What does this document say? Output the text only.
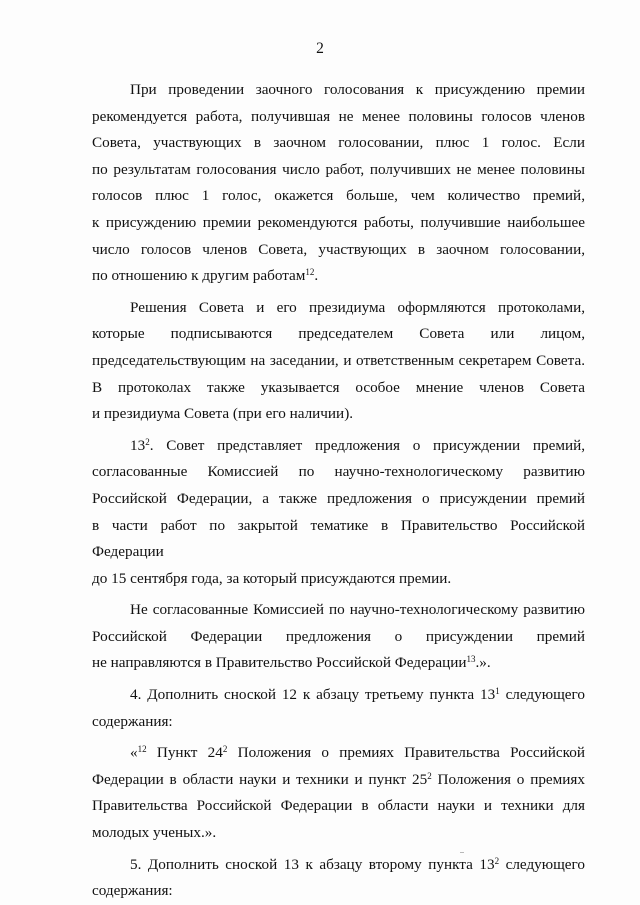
2
При проведении заочного голосования к присуждению премии
рекомендуется работа, получившая не менее половины голосов членов
Совета, участвующих в заочном голосовании, плюс 1 голос. Если
по результатам голосования число работ, получивших не менее половины
голосов плюс 1 голос, окажется больше, чем количество премий,
к присуждению премии рекомендуются работы, получившие наибольшее
число голосов членов Совета, участвующих в заочном голосовании,
по отношению к другим работам$^{12}$.
Решения Совета и его президиума оформляются протоколами,
которые подписываются председателем Совета или лицом,
председательствующим на заседании, и ответственным секретарем Совета.
В протоколах также указывается особое мнение членов Совета
и президиума Совета (при его наличии).
$13^2$. Совет представляет предложения о присуждении премий,
согласованные Комиссией по научно-технологическому развитию
Российской Федерации, а также предложения о присуждении премий
в части работ по закрытой тематике в Правительство Российской Федерации
до 15 сентября года, за который присуждаются премии.
Не согласованные Комиссией по научно-технологическому развитию
Российской Федерации предложения о присуждении премий
не направляются в Правительство Российской Федерации$^{13}$.».
4. Дополнить сноской 12 к абзацу третьему пункта $13^1$ следующего
содержания:
«$^{12}$ Пункт $24^2$ Положения о премиях Правительства Российской
Федерации в области науки и техники и пункт $25^2$ Положения о премиях
Правительства Российской Федерации в области науки и техники для
молодых ученых.».
5. Дополнить сноской 13 к абзацу второму пункта $13^2$ следующего
содержания:
